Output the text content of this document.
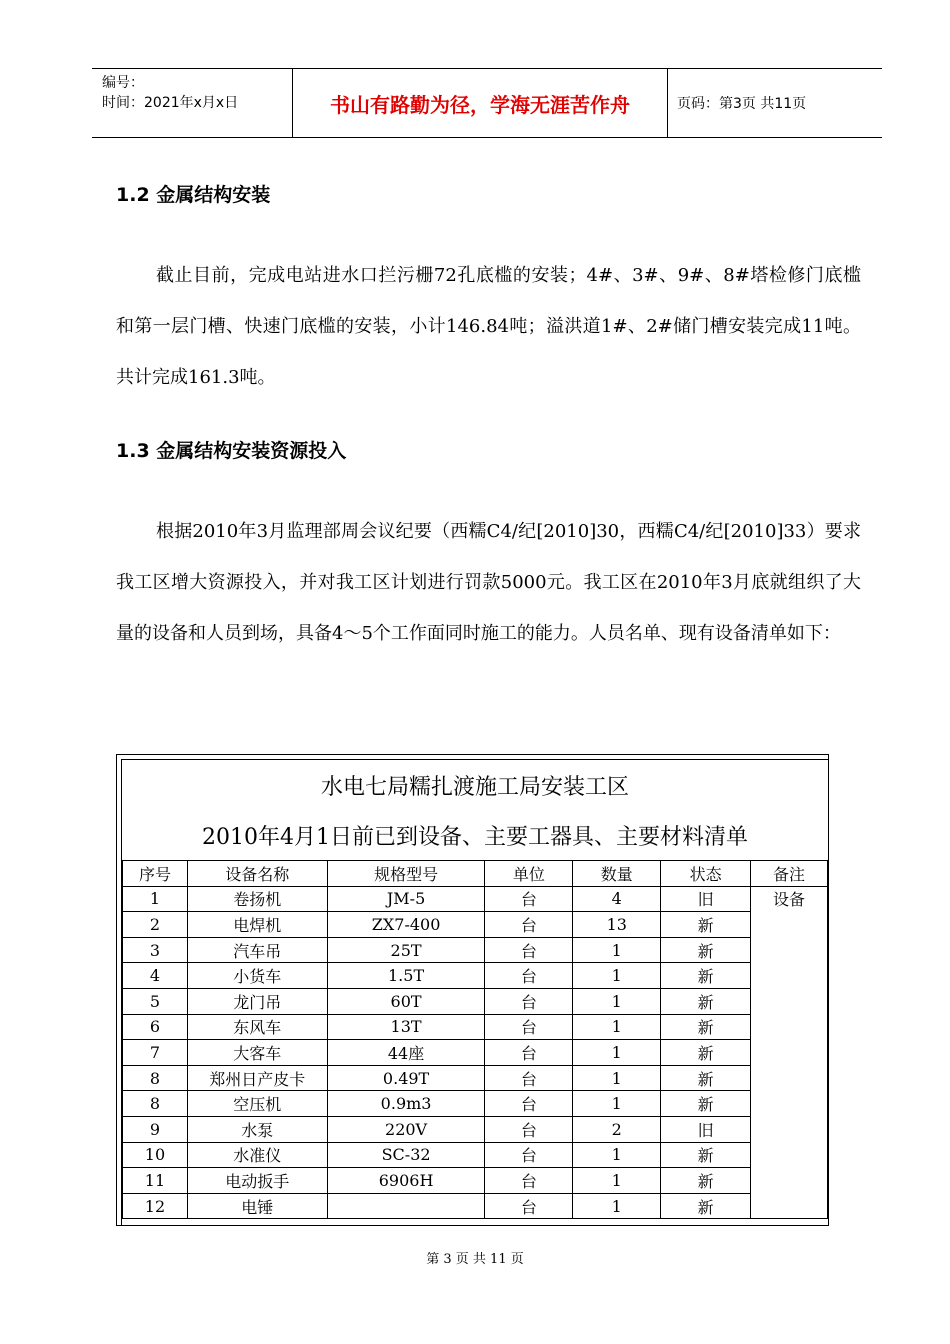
编号：
时间：2021年x月x日	书山有路勤为径，学海无涯苦作舟	页码：第3页 共11页
1.2 金属结构安装

截止目前，完成电站进水口拦污栅72孔底槛的安装；4#、3#、9#、8#塔检修门底槛和第一层门槽、快速门底槛的安装，小计146.84吨；溢洪道1#、2#储门槽安装完成11吨。共计完成161.3吨。

1.3 金属结构安装资源投入

根据2010年3月监理部周会议纪要（西糯C4/纪[2010]30，西糯C4/纪[2010]33）要求我工区增大资源投入，并对我工区计划进行罚款5000元。我工区在2010年3月底就组织了大量的设备和人员到场，具备4～5个工作面同时施工的能力。人员名单、现有设备清单如下：

水电七局糯扎渡施工局安装工区
2010年4月1日前已到设备、主要工器具、主要材料清单
序号	设备名称	规格型号	单位	数量	状态	备注
1	卷扬机	JM-5	台	4	旧	设备
2	电焊机	ZX7-400	台	13	新	
3	汽车吊	25T	台	1	新	
4	小货车	1.5T	台	1	新	
5	龙门吊	60T	台	1	新	
6	东风车	13T	台	1	新	
7	大客车	44座	台	1	新	
8	郑州日产皮卡	0.49T	台	1	新	
8	空压机	0.9m3	台	1	新	
9	水泵	220V	台	2	旧	
10	水准仪	SC-32	台	1	新	
11	电动扳手	6906H	台	1	新	
12	电锤		台	1	新	
第 3 页 共 11 页
